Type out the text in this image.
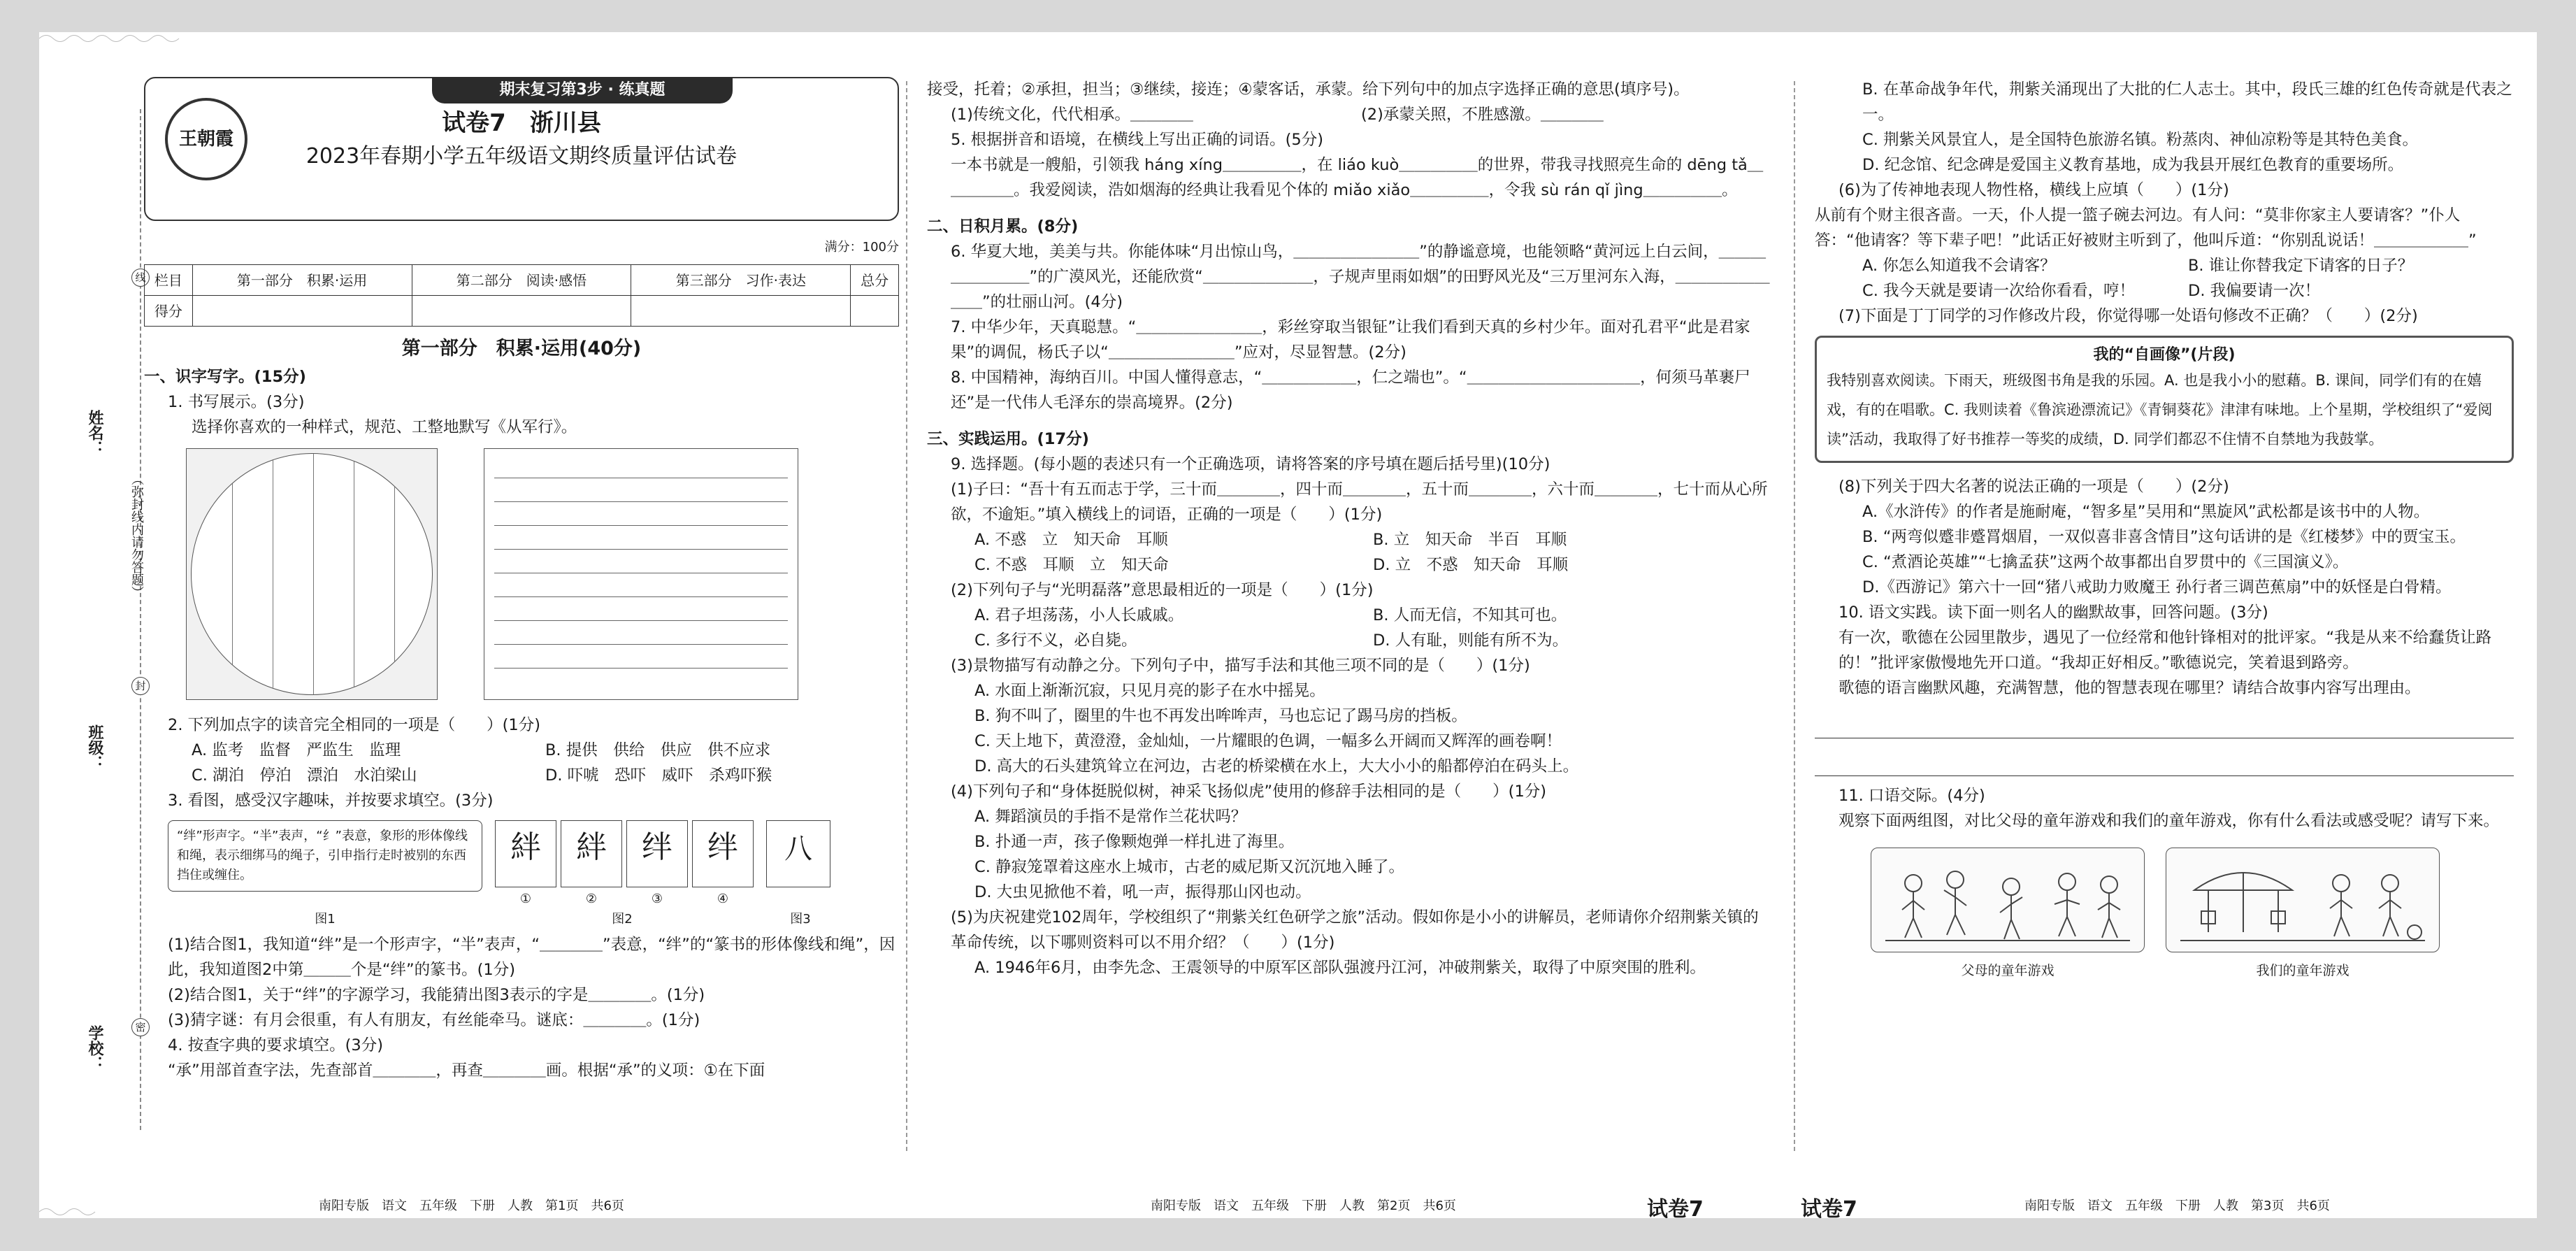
姓名：
班级：
学校：
（弥封线内请勿答题）
线
封
密
期末复习第3步 · 练真题
王朝霞
试卷7　浙川县
2023年春期小学五年级语文期终质量评估试卷
满分：100分
栏目	第一部分　积累·运用	第二部分　阅读·感悟	第三部分　习作·表达	总分
得分				
第一部分　积累·运用(40分)

一、识字写字。(15分)

1. 书写展示。(3分)

选择你喜欢的一种样式，规范、工整地默写《从军行》。

2. 下列加点字的读音完全相同的一项是（　　）(1分)

A. 监考　监督　严监生　监理	B. 提供　供给　供应　供不应求
C. 湖泊　停泊　漂泊　水泊梁山	D. 吓唬　恐吓　威吓　杀鸡吓猴

3. 看图，感受汉字趣味，并按要求填空。(3分)

“绊”形声字。“半”表声，“纟”表意，象形的形体像线和绳，表示细绑马的绳子，引申指行走时被别的东西挡住或缠住。
絆
①
絆
②
绊
③
绊
④
八
图1	图2	图3

(1)结合图1，我知道“绊”是一个形声字，“半”表声，“＿＿＿＿”表意，“绊”的“篆书的形体像线和绳”，因此，我知道图2中第＿＿＿个是“绊”的篆书。(1分)

(2)结合图1，关于“绊”的字源学习，我能猜出图3表示的字是＿＿＿＿。(1分)

(3)猜字谜：有月会很重，有人有朋友，有丝能牵马。谜底：＿＿＿＿。(1分)

4. 按查字典的要求填空。(3分)

“承”用部首查字法，先查部首＿＿＿＿，再查＿＿＿＿画。根据“承”的义项：①在下面

南阳专版　语文　五年级　下册　人教　第1页　共6页

接受，托着；②承担，担当；③继续，接连；④蒙客话，承蒙。给下列句中的加点字选择正确的意思(填序号)。

(1)传统文化，代代相承。＿＿＿＿	(2)承蒙关照，不胜感激。＿＿＿＿

5. 根据拼音和语境，在横线上写出正确的词语。(5分)

一本书就是一艘船，引领我 háng xíng＿＿＿＿＿，在 liáo kuò＿＿＿＿＿的世界，带我寻找照亮生命的 dēng tǎ＿＿＿＿＿。我爱阅读，浩如烟海的经典让我看见个体的 miǎo xiǎo＿＿＿＿＿，令我 sù rán qǐ jìng＿＿＿＿＿。

二、日积月累。(8分)

6. 华夏大地，美美与共。你能体味“月出惊山鸟，＿＿＿＿＿＿＿＿”的静谧意境，也能领略“黄河远上白云间，＿＿＿＿＿＿＿＿”的广漠风光，还能欣赏“＿＿＿＿＿＿＿，子规声里雨如烟”的田野风光及“三万里河东入海，＿＿＿＿＿＿＿＿”的壮丽山河。(4分)

7. 中华少年，天真聪慧。“＿＿＿＿＿＿＿＿，彩丝穿取当银钲”让我们看到天真的乡村少年。面对孔君平“此是君家果”的调侃，杨氏子以“＿＿＿＿＿＿＿＿”应对，尽显智慧。(2分)

8. 中国精神，海纳百川。中国人懂得意志，“＿＿＿＿＿＿，仁之端也”。“＿＿＿＿＿＿＿＿＿＿＿，何须马革裹尸还”是一代伟人毛泽东的崇高境界。(2分)

三、实践运用。(17分)

9. 选择题。(每小题的表述只有一个正确选项，请将答案的序号填在题后括号里)(10分)

(1)子曰：“吾十有五而志于学，三十而＿＿＿＿，四十而＿＿＿＿，五十而＿＿＿＿，六十而＿＿＿＿，七十而从心所欲，不逾矩。”填入横线上的词语，正确的一项是（　　）(1分)

A. 不惑　立　知天命　耳顺	B. 立　知天命　半百　耳顺
C. 不惑　耳顺　立　知天命	D. 立　不惑　知天命　耳顺

(2)下列句子与“光明磊落”意思最相近的一项是（　　）(1分)

A. 君子坦荡荡，小人长戚戚。	B. 人而无信，不知其可也。
C. 多行不义，必自毙。	D. 人有耻，则能有所不为。

(3)景物描写有动静之分。下列句子中，描写手法和其他三项不同的是（　　）(1分)

A. 水面上渐渐沉寂，只见月亮的影子在水中摇晃。

B. 狗不叫了，圈里的牛也不再发出哞哞声，马也忘记了踢马房的挡板。

C. 天上地下，黄澄澄，金灿灿，一片耀眼的色调，一幅多么开阔而又辉浑的画卷啊！

D. 高大的石头建筑耸立在河边，古老的桥梁横在水上，大大小小的船都停泊在码头上。

(4)下列句子和“身体挺脱似树，神采飞扬似虎”使用的修辞手法相同的是（　　）(1分)

A. 舞蹈演员的手指不是常作兰花状吗？

B. 扑通一声，孩子像颗炮弹一样扎进了海里。

C. 静寂笼罩着这座水上城市，古老的威尼斯又沉沉地入睡了。

D. 大虫见掀他不着，吼一声，振得那山冈也动。

(5)为庆祝建党102周年，学校组织了“荆紫关红色研学之旅”活动。假如你是小小的讲解员，老师请你介绍荆紫关镇的革命传统，以下哪则资料可以不用介绍？（　　）(1分)

A. 1946年6月，由李先念、王震领导的中原军区部队强渡丹江河，冲破荆紫关，取得了中原突围的胜利。

南阳专版　语文　五年级　下册　人教　第2页　共6页	试卷7

B. 在革命战争年代，荆紫关涌现出了大批的仁人志士。其中，段氏三雄的红色传奇就是代表之一。

C. 荆紫关风景宜人，是全国特色旅游名镇。粉蒸肉、神仙凉粉等是其特色美食。

D. 纪念馆、纪念碑是爱国主义教育基地，成为我县开展红色教育的重要场所。

(6)为了传神地表现人物性格，横线上应填（　　）(1分)

从前有个财主很吝啬。一天，仆人提一篮子碗去河边。有人问：“莫非你家主人要请客？”仆人答：“他请客？等下辈子吧！”此话正好被财主听到了，他叫斥道：“你别乱说话！＿＿＿＿＿＿”

A. 你怎么知道我不会请客？	B. 谁让你替我定下请客的日子？
C. 我今天就是要请一次给你看看，哼！	D. 我偏要请一次！

(7)下面是丁丁同学的习作修改片段，你觉得哪一处语句修改不正确？（　　）(2分)

我的“自画像”(片段)

我特别喜欢阅读。下雨天，班级图书角是我的乐园。A. 也是我小小的慰藉。B. 课间，同学们有的在嬉戏，有的在唱歌。C. 我则读着《鲁滨逊漂流记》《青铜葵花》津津有味地。上个星期，学校组织了“爱阅读”活动，我取得了好书推荐一等奖的成绩，D. 同学们都忍不住情不自禁地为我鼓掌。

(8)下列关于四大名著的说法正确的一项是（　　）(2分)

A.《水浒传》的作者是施耐庵，“智多星”吴用和“黑旋风”武松都是该书中的人物。

B. “两弯似蹙非蹙罥烟眉，一双似喜非喜含情目”这句话讲的是《红楼梦》中的贾宝玉。

C. “煮酒论英雄”“七擒孟获”这两个故事都出自罗贯中的《三国演义》。

D.《西游记》第六十一回“猪八戒助力败魔王 孙行者三调芭蕉扇”中的妖怪是白骨精。

10. 语文实践。读下面一则名人的幽默故事，回答问题。(3分)

有一次，歌德在公园里散步，遇见了一位经常和他针锋相对的批评家。“我是从来不给蠢货让路的！”批评家傲慢地先开口道。“我却正好相反。”歌德说完，笑着退到路旁。

歌德的语言幽默风趣，充满智慧，他的智慧表现在哪里？请结合故事内容写出理由。

11. 口语交际。(4分)

观察下面两组图，对比父母的童年游戏和我们的童年游戏，你有什么看法或感受呢？请写下来。

父母的童年游戏	我们的童年游戏
试卷7	南阳专版　语文　五年级　下册　人教　第3页　共6页
